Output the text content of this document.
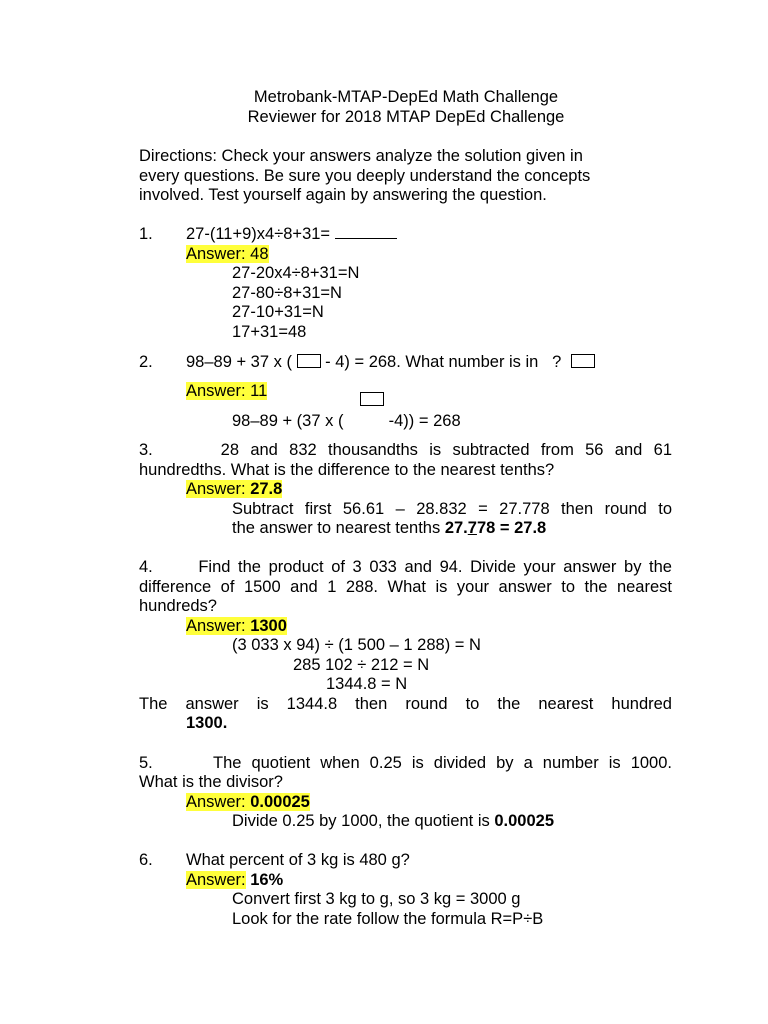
Metrobank-MTAP-DepEd Math Challenge
Reviewer for 2018 MTAP DepEd Challenge
Directions: Check your answers analyze the solution given in
every questions. Be sure you deeply understand the concepts
involved. Test yourself again by answering the question.
1. 27-(11+9)x4÷8+31=
Answer: 48
27-20x4÷8+31=N
27-80÷8+31=N
27-10+31=N
17+31=48
2. 98–89 + 37 x ( - 4) = 268. What number is in ?
Answer: 11
98–89 + (37 x (	-4)) = 268
3.	28 and 832 thousandths is subtracted from 56 and 61
hundredths. What is the difference to the nearest tenths?
Answer: 27.8
Subtract first 56.61 – 28.832 = 27.778 then round to
the answer to nearest tenths 27.778 = 27.8
4.	Find the product of 3 033 and 94. Divide your answer by the
difference of 1500 and 1 288. What is your answer to the nearest
hundreds?
Answer: 1300
(3 033 x 94) ÷ (1 500 – 1 288) = N
285 102 ÷ 212 = N
1344.8 = N
The answer is 1344.8 then round to the nearest hundred
1300.
5.	The quotient when 0.25 is divided by a number is 1000.
What is the divisor?
Answer: 0.00025
Divide 0.25 by 1000, the quotient is 0.00025
6. What percent of 3 kg is 480 g?
Answer: 16%
Convert first 3 kg to g, so 3 kg = 3000 g
Look for the rate follow the formula R=P÷B
